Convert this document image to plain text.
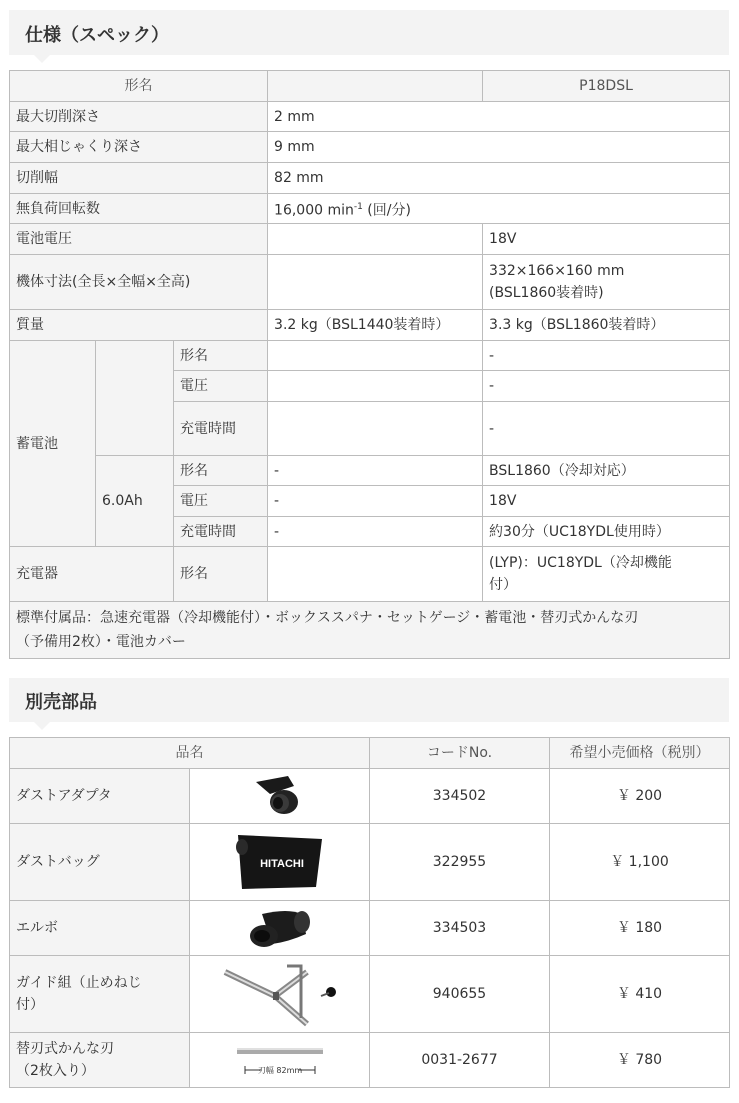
仕様（スペック）
形名				P18DSL
最大切削深さ			2 mm	
最大相じゃくり深さ			9 mm	
切削幅			82 mm	
無負荷回転数			16,000 $\min^{-1}$ (回/分)	
電池電圧				18V
機体寸法(全長×全幅×全高)				332×166×160 mm
(BSL1860装着時)
質量			3.2 kg（BSL1440装着時）	3.3 kg（BSL1860装着時）
蓄電池		形名		-
		電圧		-
		充電時間		-
	6.0Ah	形名	-	BSL1860（冷却対応）
		電圧	-	18V
		充電時間	-	約30分（UC18YDL使用時）
充電器		形名		(LYP)：UC18YDL（冷却機能
付）
標準付属品：急速充電器（冷却機能付）・ボックススパナ・セットゲージ・蓄電池・替刃式かんな刃
（予備用2枚）・電池カバー				
別売部品
品名		コードNo.	希望小売価格（税別）
ダストアダプタ		334502	￥ 200
ダストバッグ	HITACHI	322955	￥ 1,100
エルボ		334503	￥ 180
ガイド組（止めねじ
付）		940655	￥ 410
替刃式かんな刃
（2枚入り）	刃幅 82mm	0031-2677	￥ 780
